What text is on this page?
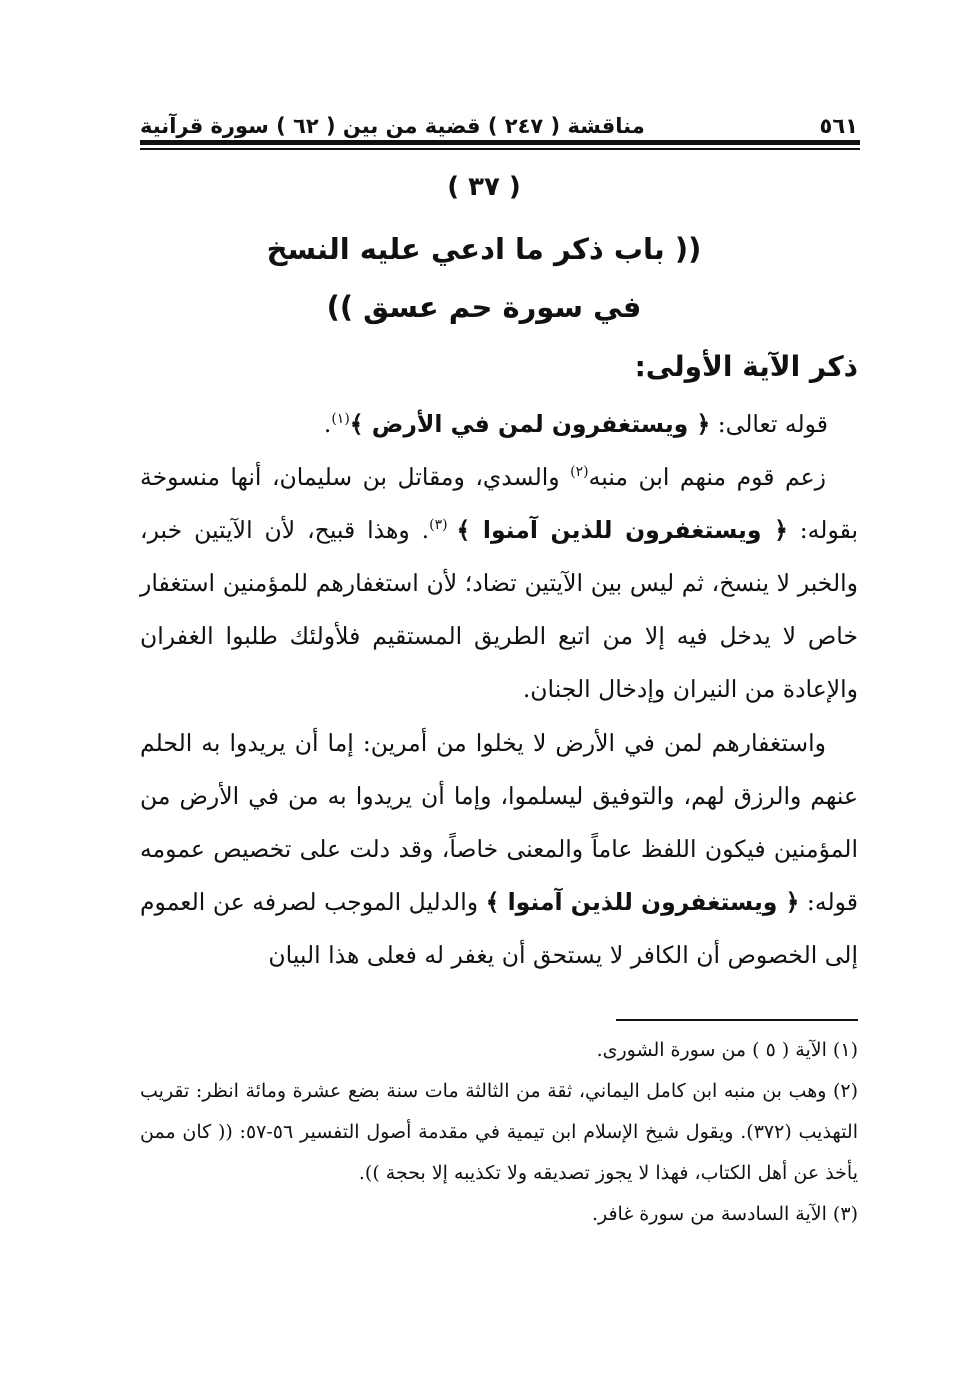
٥٦١
مناقشة ( ٢٤٧ ) قضية من بين ( ٦٢ ) سورة قرآنية
( ٣٧ )
(( باب ذكر ما ادعي عليه النسخ
في سورة حم عسق ))
ذكر الآية الأولى:
قوله تعالى: ﴿ ويستغفرون لمن في الأرض ﴾$^{(١)}$.
زعم قوم منهم ابن منبه$^{(٢)}$ والسدي، ومقاتل بن سليمان، أنها منسوخة بقوله: ﴿ ويستغفرون للذين آمنوا ﴾ $^{(٣)}$. وهذا قبيح، لأن الآيتين خبر، والخبر لا ينسخ، ثم ليس بين الآيتين تضاد؛ لأن استغفارهم للمؤمنين استغفار خاص لا يدخل فيه إلا من اتبع الطريق المستقيم فلأولئك طلبوا الغفران والإعادة من النيران وإدخال الجنان.
واستغفارهم لمن في الأرض لا يخلوا من أمرين: إما أن يريدوا به الحلم عنهم والرزق لهم، والتوفيق ليسلموا، وإما أن يريدوا به من في الأرض من المؤمنين فيكون اللفظ عاماً والمعنى خاصاً، وقد دلت على تخصيص عمومه قوله: ﴿ ويستغفرون للذين آمنوا ﴾ والدليل الموجب لصرفه عن العموم إلى الخصوص أن الكافر لا يستحق أن يغفر له فعلى هذا البيان

(١) الآية ( ٥ ) من سورة الشورى.

(٢) وهب بن منبه ابن كامل اليماني، ثقة من الثالثة مات سنة بضع عشرة ومائة انظر: تقريب التهذيب (٣٧٢). ويقول شيخ الإسلام ابن تيمية في مقدمة أصول التفسير ٥٦-٥٧: (( كان ممن يأخذ عن أهل الكتاب، فهذا لا يجوز تصديقه ولا تكذيبه إلا بحجة )).

(٣) الآية السادسة من سورة غافر.
